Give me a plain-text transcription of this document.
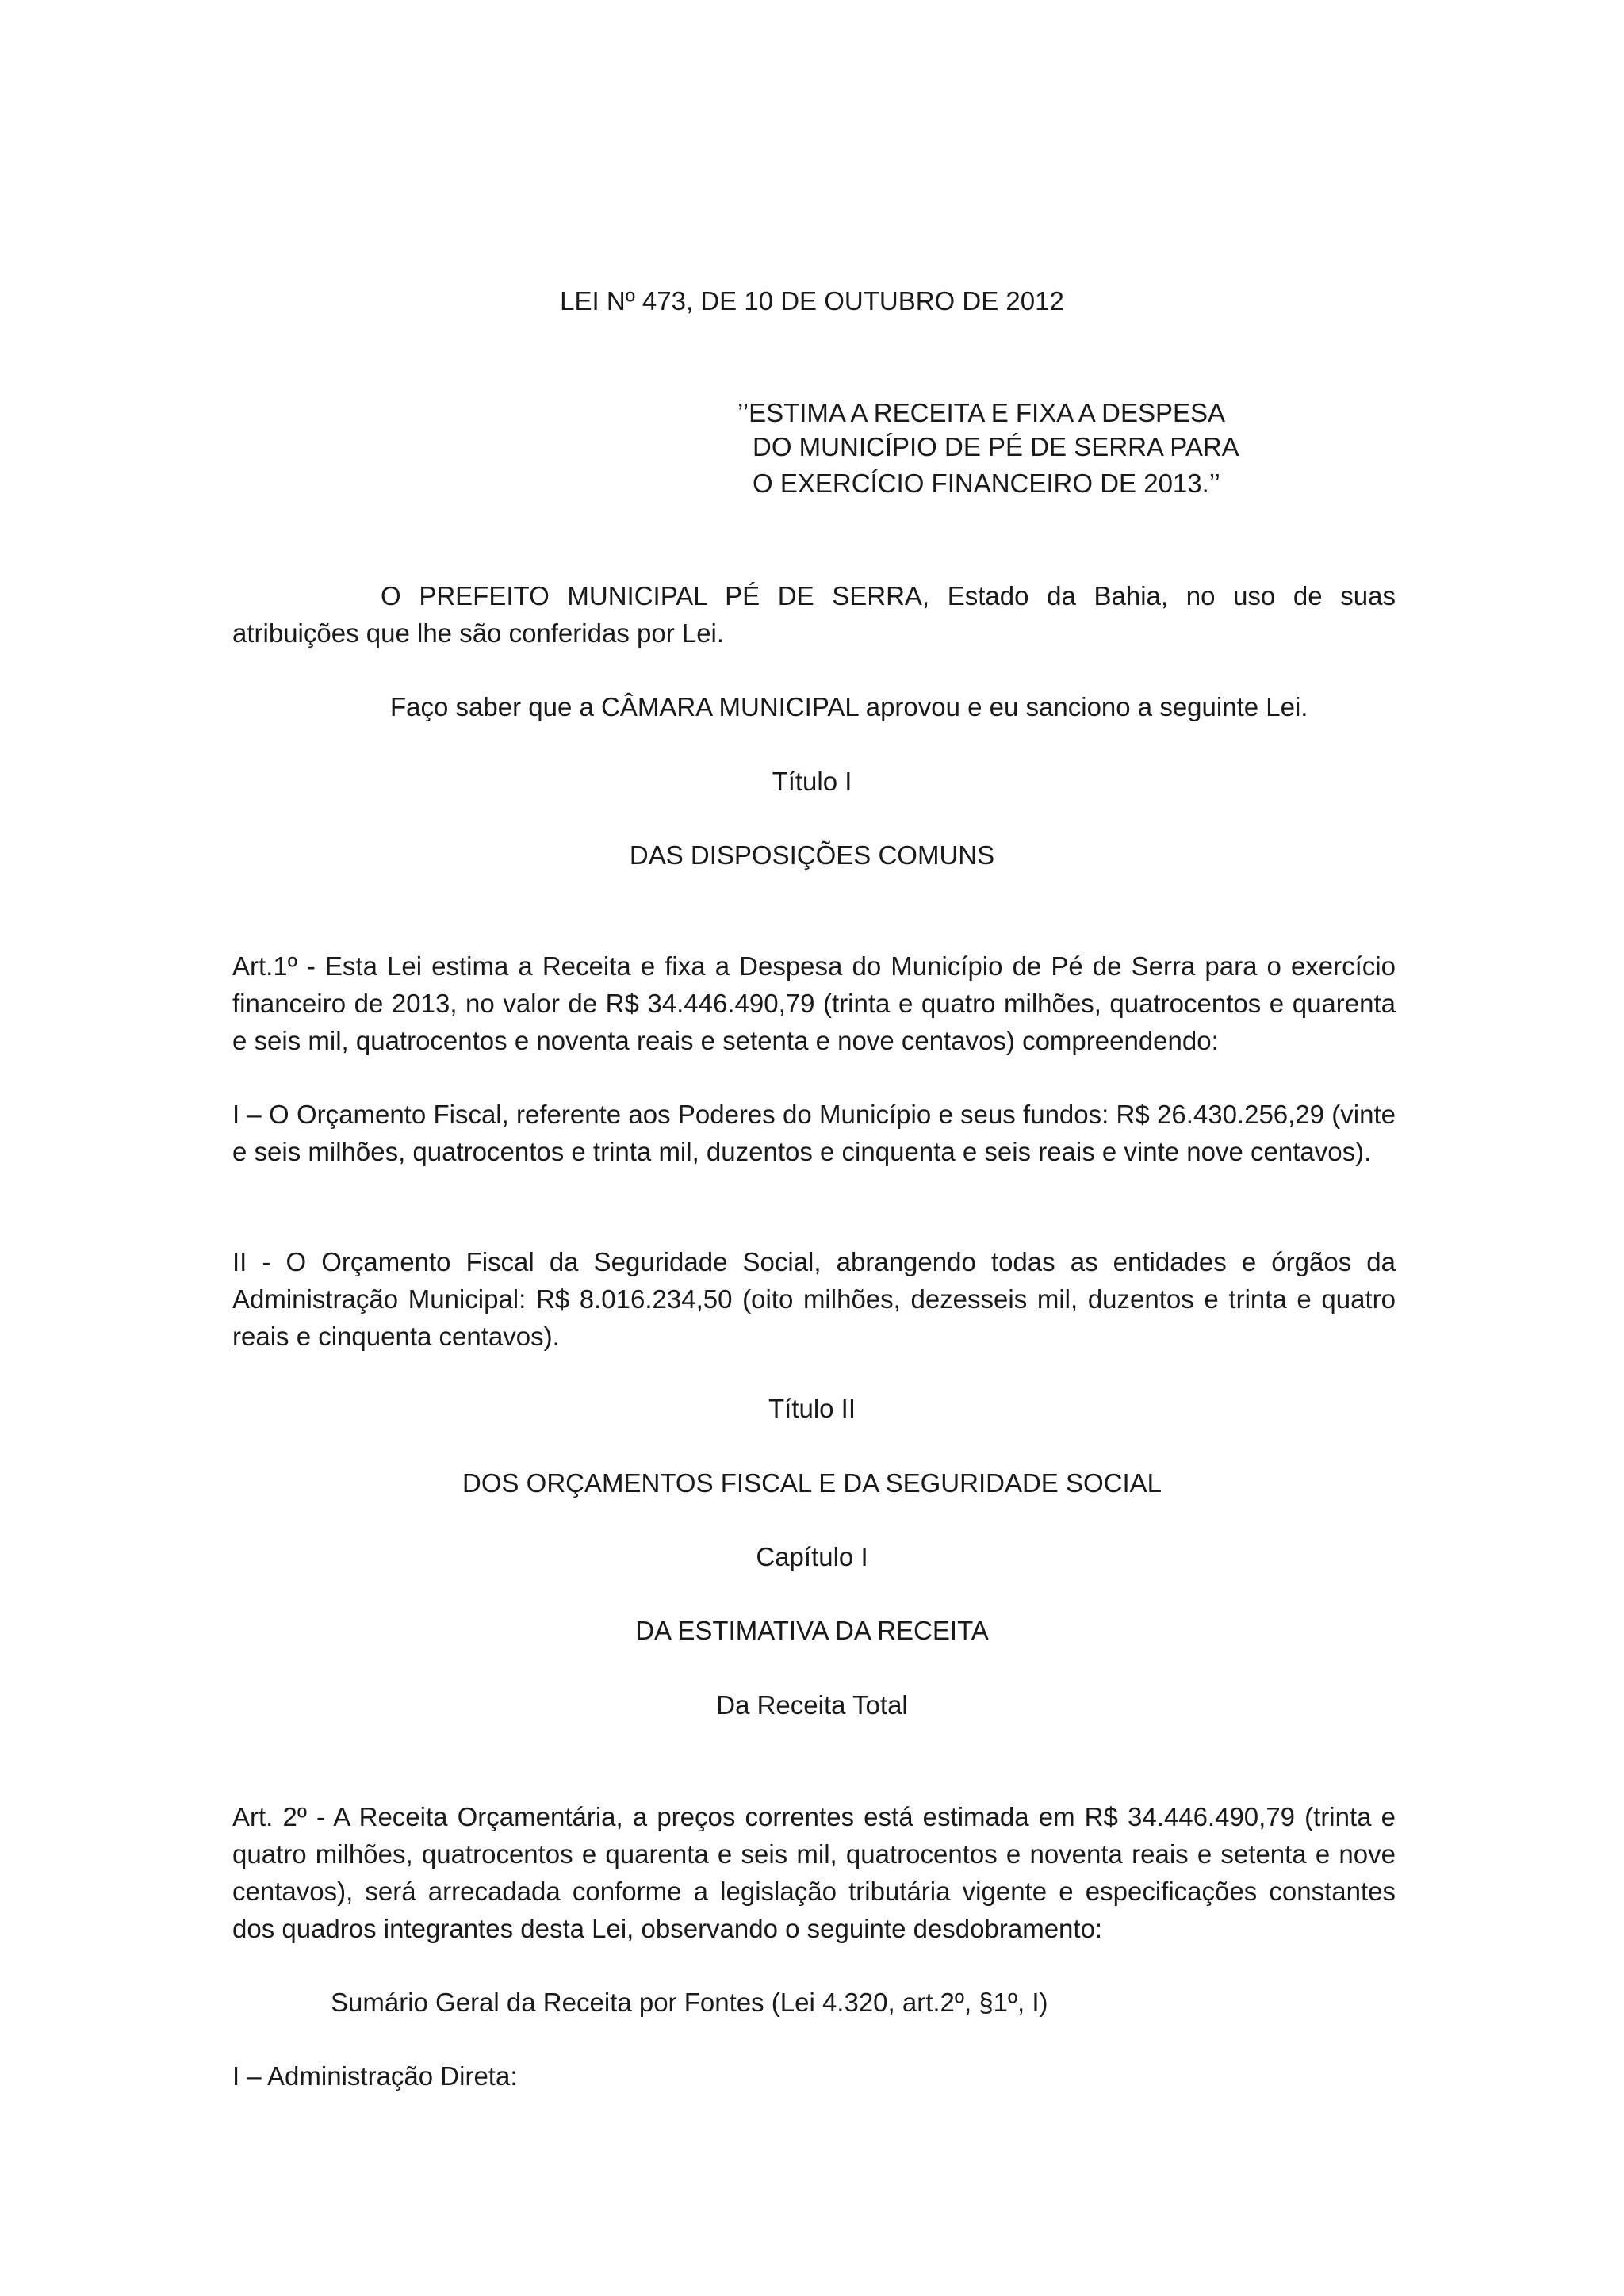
LEI Nº 473, DE 10 DE OUTUBRO DE 2012

’’ESTIMA A RECEITA E FIXA A DESPESA

DO MUNICÍPIO DE PÉ DE SERRA PARA

O EXERCÍCIO FINANCEIRO DE 2013.’’

O PREFEITO MUNICIPAL PÉ DE SERRA, Estado da Bahia, no uso de suas atribuições que lhe são conferidas por Lei.

Faço saber que a CÂMARA MUNICIPAL aprovou e eu sanciono a seguinte Lei.

Título I

DAS DISPOSIÇÕES COMUNS

Art.1º - Esta Lei estima a Receita e fixa a Despesa do Município de Pé de Serra para o exercício financeiro de 2013, no valor de R$ 34.446.490,79 (trinta e quatro milhões, quatrocentos e quarenta e seis mil, quatrocentos e noventa reais e setenta e nove centavos) compreendendo:

I – O Orçamento Fiscal, referente aos Poderes do Município e seus fundos: R$ 26.430.256,29 (vinte e seis milhões, quatrocentos e trinta mil, duzentos e cinquenta e seis reais e vinte nove centavos).

II - O Orçamento Fiscal da Seguridade Social, abrangendo todas as entidades e órgãos da Administração Municipal: R$ 8.016.234,50 (oito milhões, dezesseis mil, duzentos e trinta e quatro reais e cinquenta centavos).

Título II

DOS ORÇAMENTOS FISCAL E DA SEGURIDADE SOCIAL

Capítulo I

DA ESTIMATIVA DA RECEITA

Da Receita Total

Art. 2º - A Receita Orçamentária, a preços correntes está estimada em R$ 34.446.490,79 (trinta e quatro milhões, quatrocentos e quarenta e seis mil, quatrocentos e noventa reais e setenta e nove centavos), será arrecadada conforme a legislação tributária vigente e especificações constantes dos quadros integrantes desta Lei, observando o seguinte desdobramento:

Sumário Geral da Receita por Fontes (Lei 4.320, art.2º, §1º, I)

I – Administração Direta:
